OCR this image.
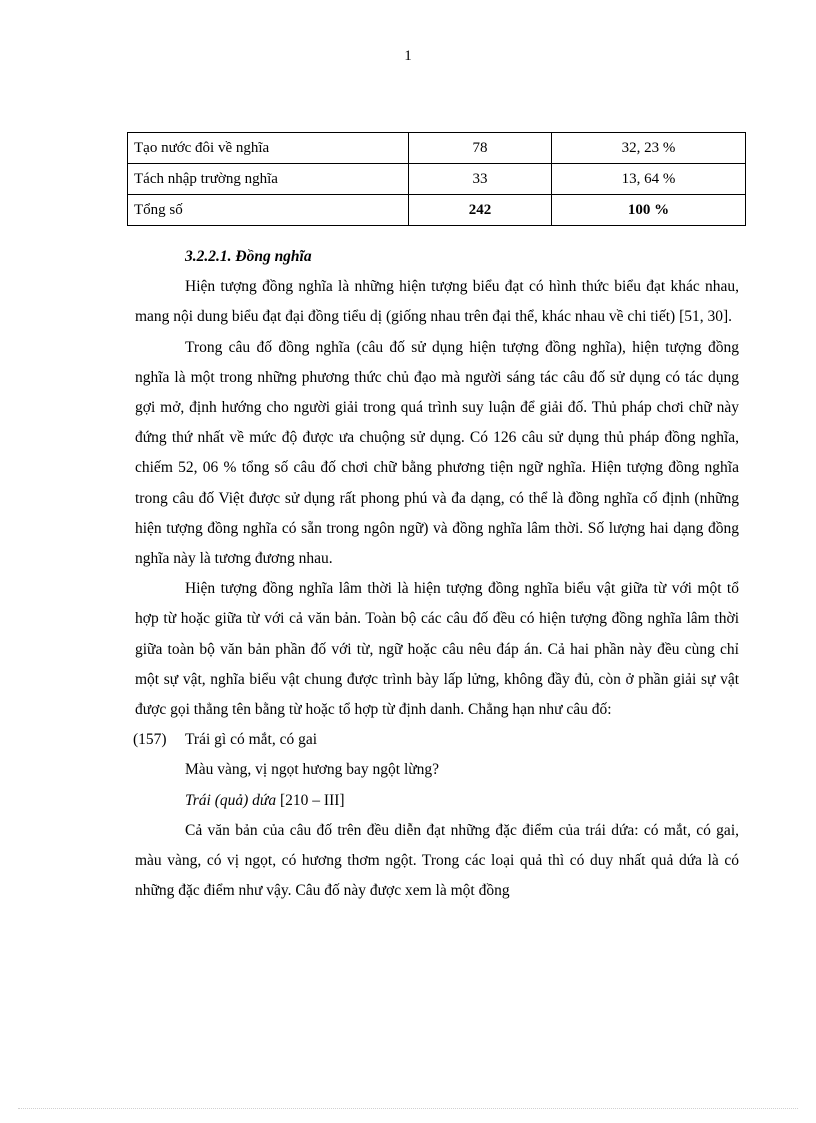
1
Tạo nước đôi về nghĩa	78	32, 23 %
Tách nhập trường nghĩa	33	13, 64 %
Tổng số	242	100 %

3.2.2.1. Đồng nghĩa

Hiện tượng đồng nghĩa là những hiện tượng biểu đạt có hình thức biểu đạt khác nhau, mang nội dung biểu đạt đại đồng tiểu dị (giống nhau trên đại thể, khác nhau về chi tiết) [51, 30].

Trong câu đố đồng nghĩa (câu đố sử dụng hiện tượng đồng nghĩa), hiện tượng đồng nghĩa là một trong những phương thức chủ đạo mà người sáng tác câu đố sử dụng có tác dụng gợi mở, định hướng cho người giải trong quá trình suy luận để giải đố. Thủ pháp chơi chữ này đứng thứ nhất về mức độ được ưa chuộng sử dụng. Có 126 câu sử dụng thủ pháp đồng nghĩa, chiếm 52, 06 % tổng số câu đố chơi chữ bằng phương tiện ngữ nghĩa. Hiện tượng đồng nghĩa trong câu đố Việt được sử dụng rất phong phú và đa dạng, có thể là đồng nghĩa cố định (những hiện tượng đồng nghĩa có sẵn trong ngôn ngữ) và đồng nghĩa lâm thời. Số lượng hai dạng đồng nghĩa này là tương đương nhau.

Hiện tượng đồng nghĩa lâm thời là hiện tượng đồng nghĩa biểu vật giữa từ với một tổ hợp từ hoặc giữa từ với cả văn bản. Toàn bộ các câu đố đều có hiện tượng đồng nghĩa lâm thời giữa toàn bộ văn bản phần đố với từ, ngữ hoặc câu nêu đáp án. Cả hai phần này đều cùng chỉ một sự vật, nghĩa biểu vật chung được trình bày lấp lửng, không đầy đủ, còn ở phần giải sự vật được gọi thẳng tên bằng từ hoặc tổ hợp từ định danh. Chẳng hạn như câu đố:

(157) Trái gì có mắt, có gai

Màu vàng, vị ngọt hương bay ngột lừng?

Trái (quả) dứa [210 – III]

Cả văn bản của câu đố trên đều diễn đạt những đặc điểm của trái dứa: có mắt, có gai, màu vàng, có vị ngọt, có hương thơm ngột. Trong các loại quả thì có duy nhất quả dứa là có những đặc điểm như vậy. Câu đố này được xem là một đồng
